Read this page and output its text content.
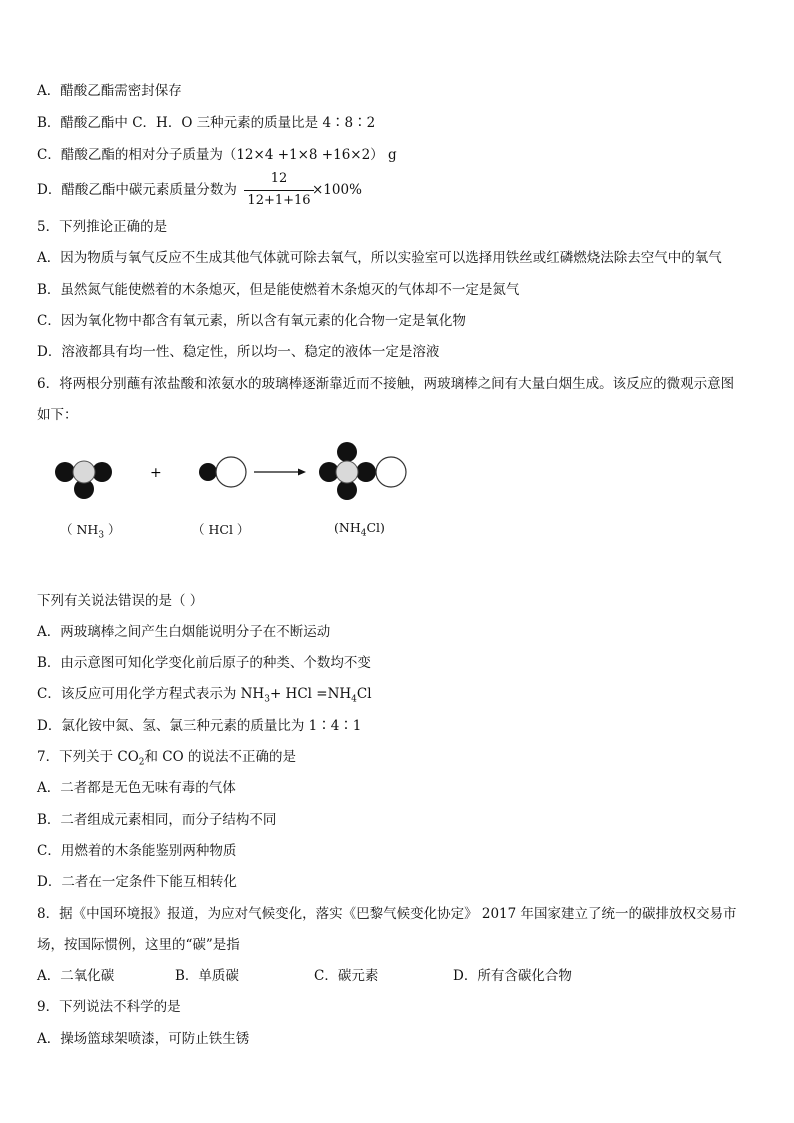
A．醋酸乙酯需密封保存
B．醋酸乙酯中 C．H．O 三种元素的质量比是 4∶8∶2
C．醋酸乙酯的相对分子质量为（12×4 +1×8 +16×2） g
D．醋酸乙酯中碳元素质量分数为
12
12+1+16
×100%
5．下列推论正确的是
A．因为物质与氧气反应不生成其他气体就可除去氧气，所以实验室可以选择用铁丝或红磷燃烧法除去空气中的氧气
B．虽然氮气能使燃着的木条熄灭，但是能使燃着木条熄灭的气体却不一定是氮气
C．因为氧化物中都含有氧元素，所以含有氧元素的化合物一定是氧化物
D．溶液都具有均一性、稳定性，所以均一、稳定的液体一定是溶液
6．将两根分别蘸有浓盐酸和浓氨水的玻璃棒逐渐靠近而不接触，两玻璃棒之间有大量白烟生成。该反应的微观示意图
如下：
+
（ $NH_3$ ）	（ HCl ）	$(NH_4Cl)$
下列有关说法错误的是（ ）
A．两玻璃棒之间产生白烟能说明分子在不断运动
B．由示意图可知化学变化前后原子的种类、个数均不变
C．该反应可用化学方程式表示为 $NH_3+$ HCl $=NH_4Cl$
D．氯化铵中氮、氢、氯三种元素的质量比为 1∶4∶1
7．下列关于 $CO_2$和 CO 的说法不正确的是
A．二者都是无色无味有毒的气体
B．二者组成元素相同，而分子结构不同
C．用燃着的木条能鉴别两种物质
D．二者在一定条件下能互相转化
8．据《中国环境报》报道，为应对气候变化，落实《巴黎气候变化协定》 2017 年国家建立了统一的碳排放权交易市
场，按国际惯例，这里的“碳”是指
A．二氧化碳	B．单质碳	C．碳元素	D．所有含碳化合物
9．下列说法不科学的是
A．操场篮球架喷漆，可防止铁生锈
